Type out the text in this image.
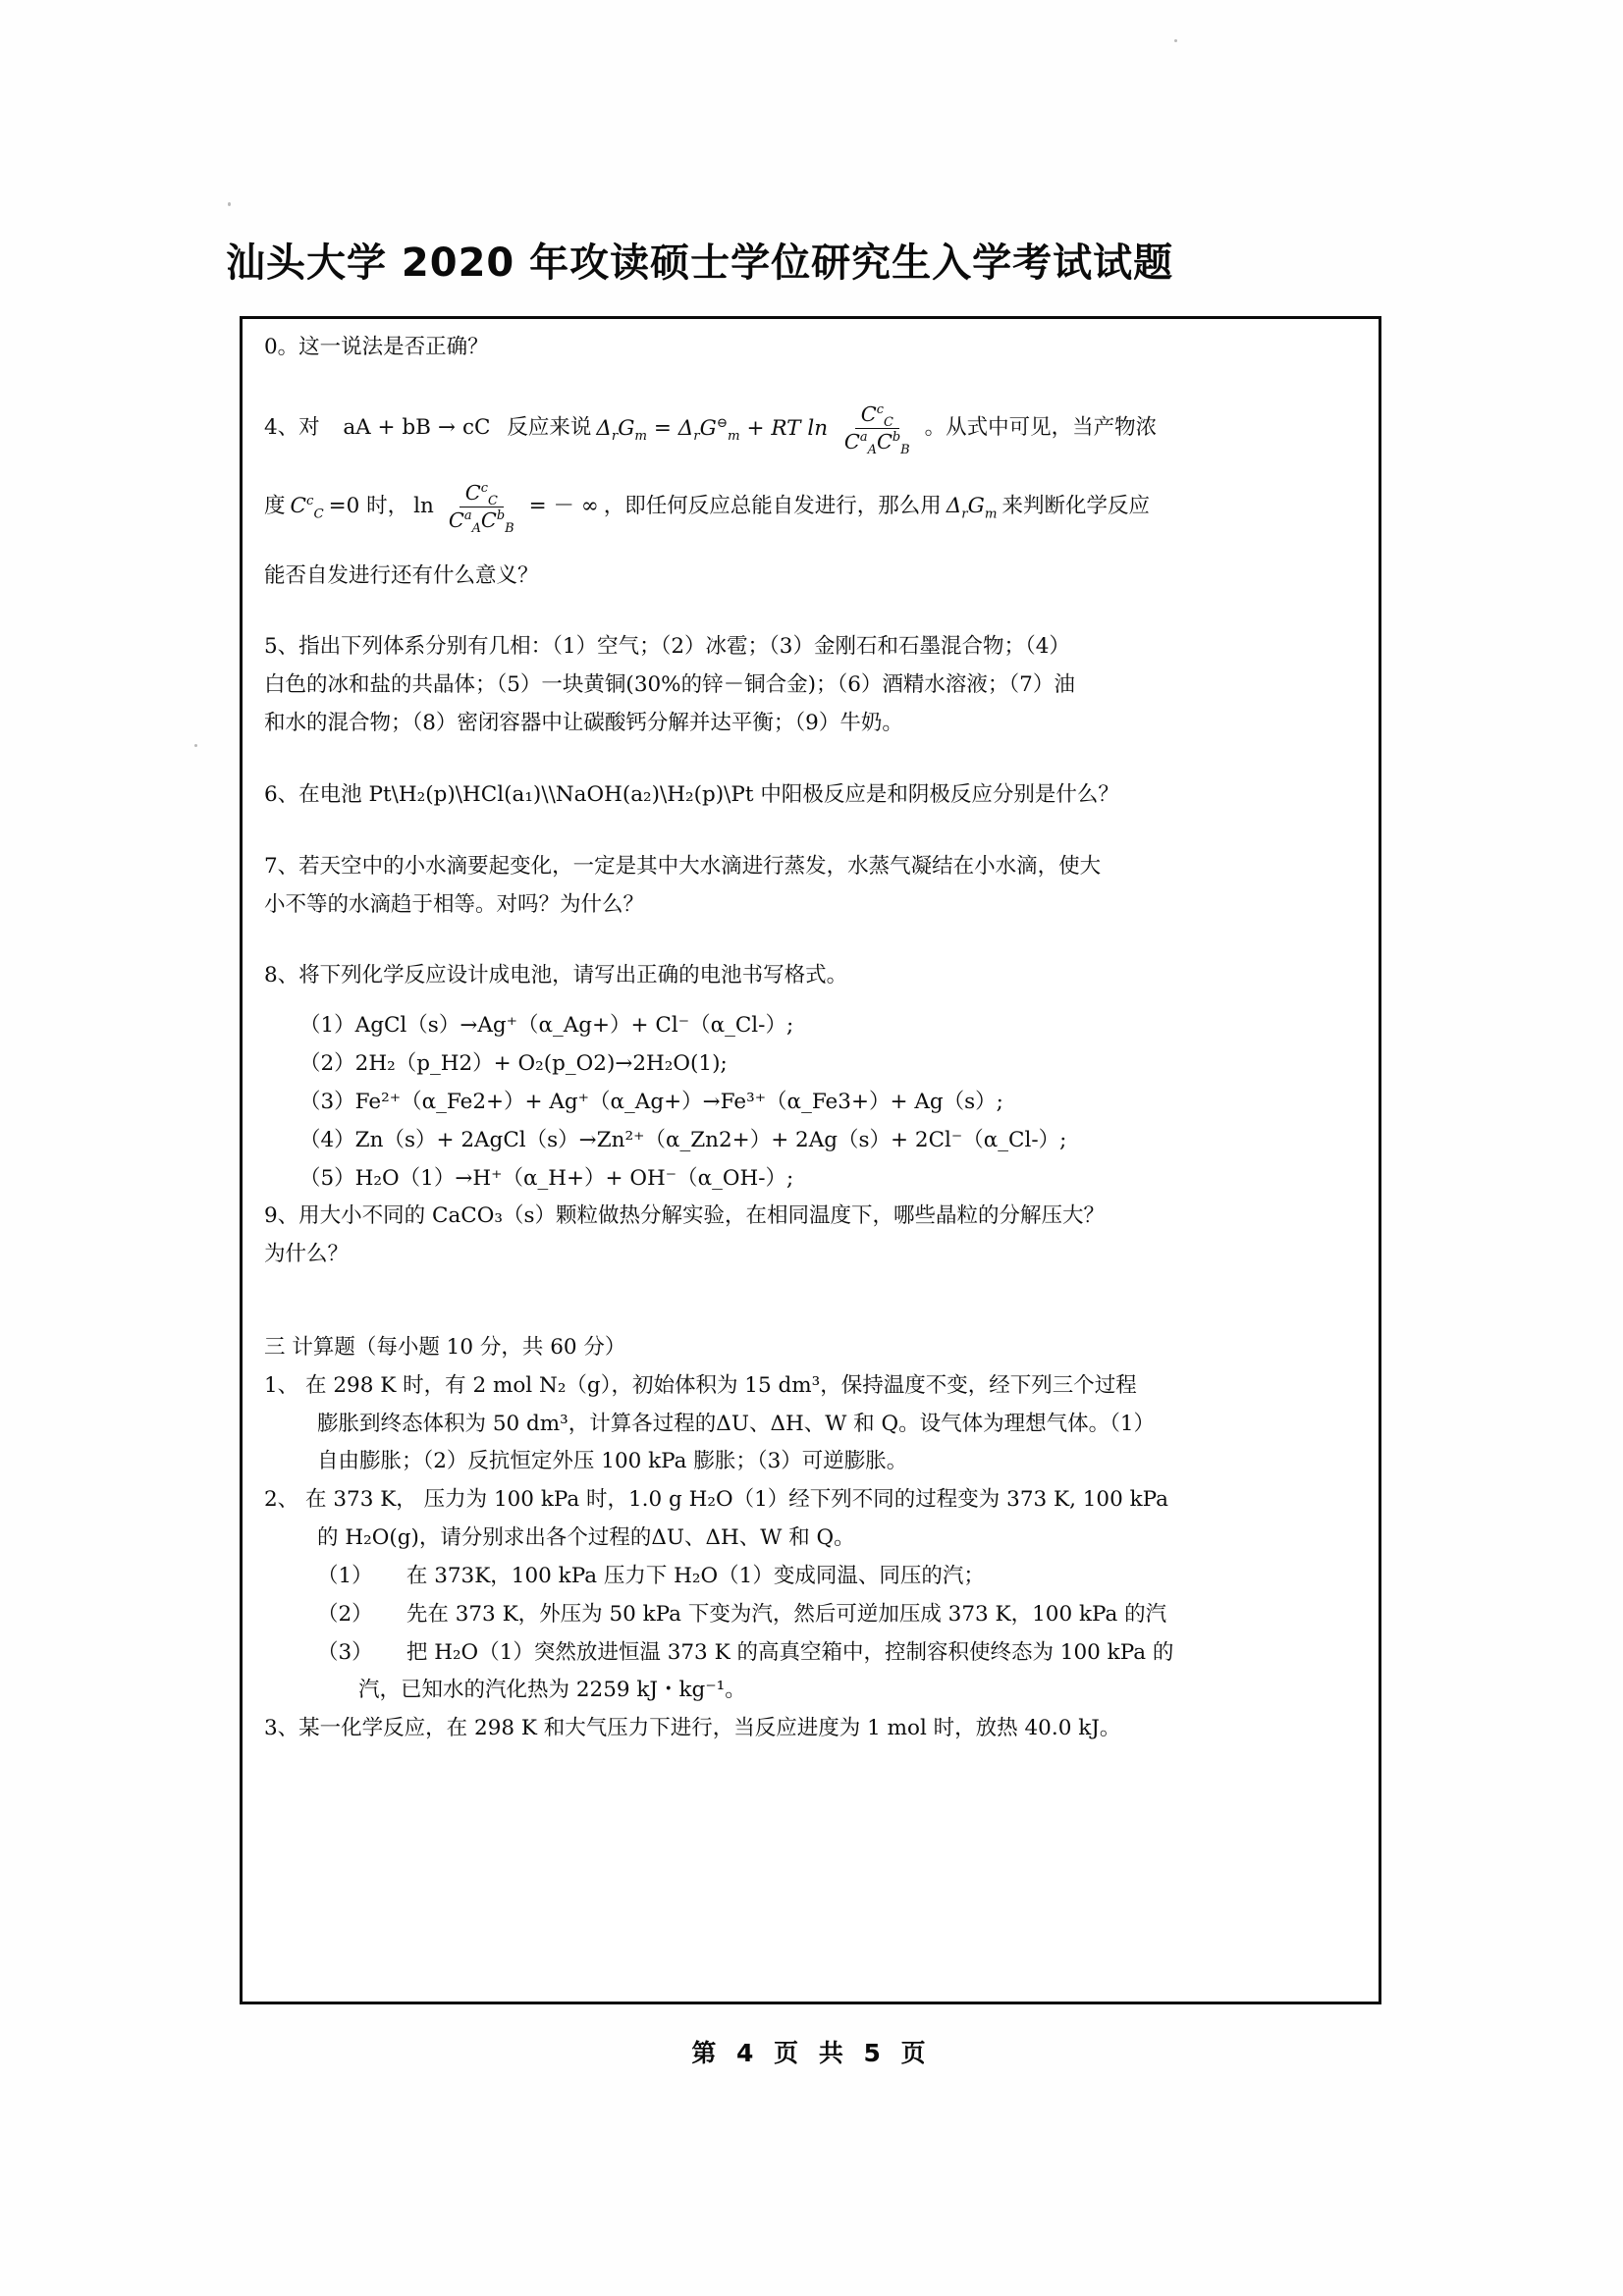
汕头大学 2020 年攻读硕士学位研究生入学考试试题
0。这一说法是否正确？
4、对
aA + bB → cC
反应来说 $\Delta_rG_m = \Delta_rG^⊖_m$ + RT $\ln \frac{C^c_C}{C^a_AC^b_B}$ 。从式中可见，当产物浓
度 $C^c_C =0$ 时， $\ln \frac{C^c_C}{C^a_AC^b_B}$ = － ∞ ，即任何反应总能自发进行，那么用 $\Delta_rG_m$ 来判断化学反应
能否自发进行还有什么意义？
5、指出下列体系分别有几相：（1）空气；（2）冰雹；（3）金刚石和石墨混合物；（4）
白色的冰和盐的共晶体；（5）一块黄铜(30%的锌－铜合金)；（6）酒精水溶液；（7）油
和水的混合物；（8）密闭容器中让碳酸钙分解并达平衡；（9）牛奶。
6、在电池 Pt\H₂(p)\HCl(a₁)\\NaOH(a₂)\H₂(p)\Pt 中阳极反应是和阴极反应分别是什么？
7、若天空中的小水滴要起变化，一定是其中大水滴进行蒸发，水蒸气凝结在小水滴，使大
小不等的水滴趋于相等。对吗？为什么？
8、将下列化学反应设计成电池，请写出正确的电池书写格式。
（1）AgCl（s）→Ag⁺（α_Ag+）+ Cl⁻（α_Cl-）;
（2）2H₂（p_H2）+ O₂(p_O2)→2H₂O(1);
（3）Fe²⁺（α_Fe2+）+ Ag⁺（α_Ag+）→Fe³⁺（α_Fe3+）+ Ag（s）;
（4）Zn（s）+ 2AgCl（s）→Zn²⁺（α_Zn2+）+ 2Ag（s）+ 2Cl⁻（α_Cl-）;
（5）H₂O（1）→H⁺（α_H+）+ OH⁻（α_OH-）;
9、用大小不同的 CaCO₃（s）颗粒做热分解实验，在相同温度下，哪些晶粒的分解压大？
为什么？
三 计算题（每小题 10 分，共 60 分）
1、 在 298 K 时，有 2 mol N₂（g），初始体积为 15 dm³，保持温度不变，经下列三个过程
膨胀到终态体积为 50 dm³，计算各过程的ΔU、ΔH、W 和 Q。设气体为理想气体。（1）
自由膨胀；（2）反抗恒定外压 100 kPa 膨胀；（3）可逆膨胀。
2、 在 373 K， 压力为 100 kPa 时，1.0 g H₂O（1）经下列不同的过程变为 373 K, 100 kPa
的 H₂O(g)，请分别求出各个过程的ΔU、ΔH、W 和 Q。
（1） 在 373K，100 kPa 压力下 H₂O（1）变成同温、同压的汽；
（2） 先在 373 K，外压为 50 kPa 下变为汽，然后可逆加压成 373 K，100 kPa 的汽
（3） 把 H₂O（1）突然放进恒温 373 K 的高真空箱中，控制容积使终态为 100 kPa 的
汽，已知水的汽化热为 2259 kJ・kg⁻¹。
3、某一化学反应，在 298 K 和大气压力下进行，当反应进度为 1 mol 时，放热 40.0 kJ。
第 4 页 共 5 页
